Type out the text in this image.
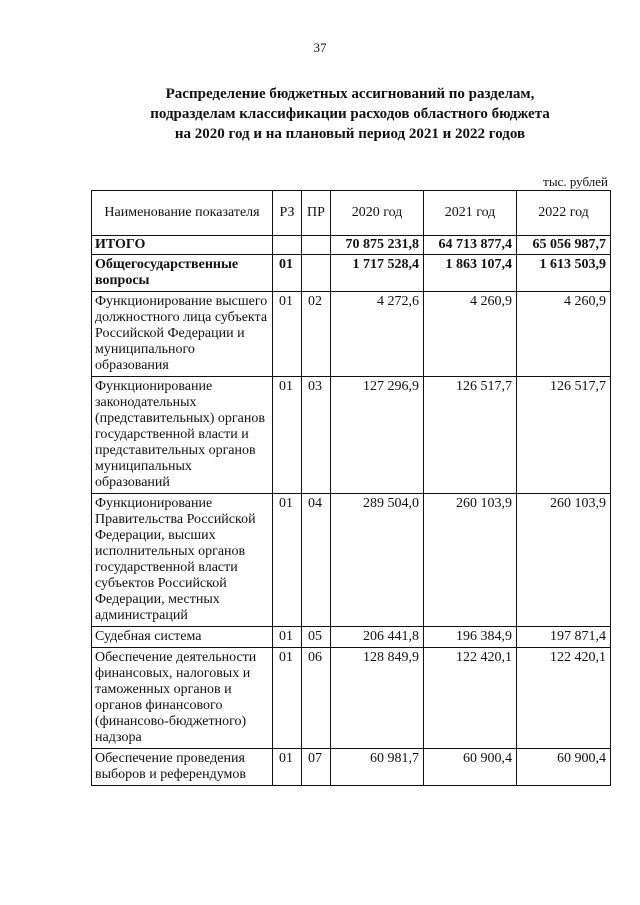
37
Распределение бюджетных ассигнований по разделам,
подразделам классификации расходов областного бюджета
на 2020 год и на плановый период 2021 и 2022 годов
тыс. рублей
Наименование показателя	РЗ	ПР	2020 год	2021 год	2022 год
ИТОГО			70 875 231,8	64 713 877,4	65 056 987,7
Общегосударственные вопросы	01		1 717 528,4	1 863 107,4	1 613 503,9
Функционирование высшего должностного лица субъекта Российской Федерации и муниципального образования	01	02	4 272,6	4 260,9	4 260,9
Функционирование законодательных (представительных) органов государственной власти и представительных органов муниципальных образований	01	03	127 296,9	126 517,7	126 517,7
Функционирование Правительства Российской Федерации, высших исполнительных органов государственной власти субъектов Российской Федерации, местных администраций	01	04	289 504,0	260 103,9	260 103,9
Судебная система	01	05	206 441,8	196 384,9	197 871,4
Обеспечение деятельности финансовых, налоговых и таможенных органов и органов финансового (финансово-бюджетного) надзора	01	06	128 849,9	122 420,1	122 420,1
Обеспечение проведения выборов и референдумов	01	07	60 981,7	60 900,4	60 900,4
